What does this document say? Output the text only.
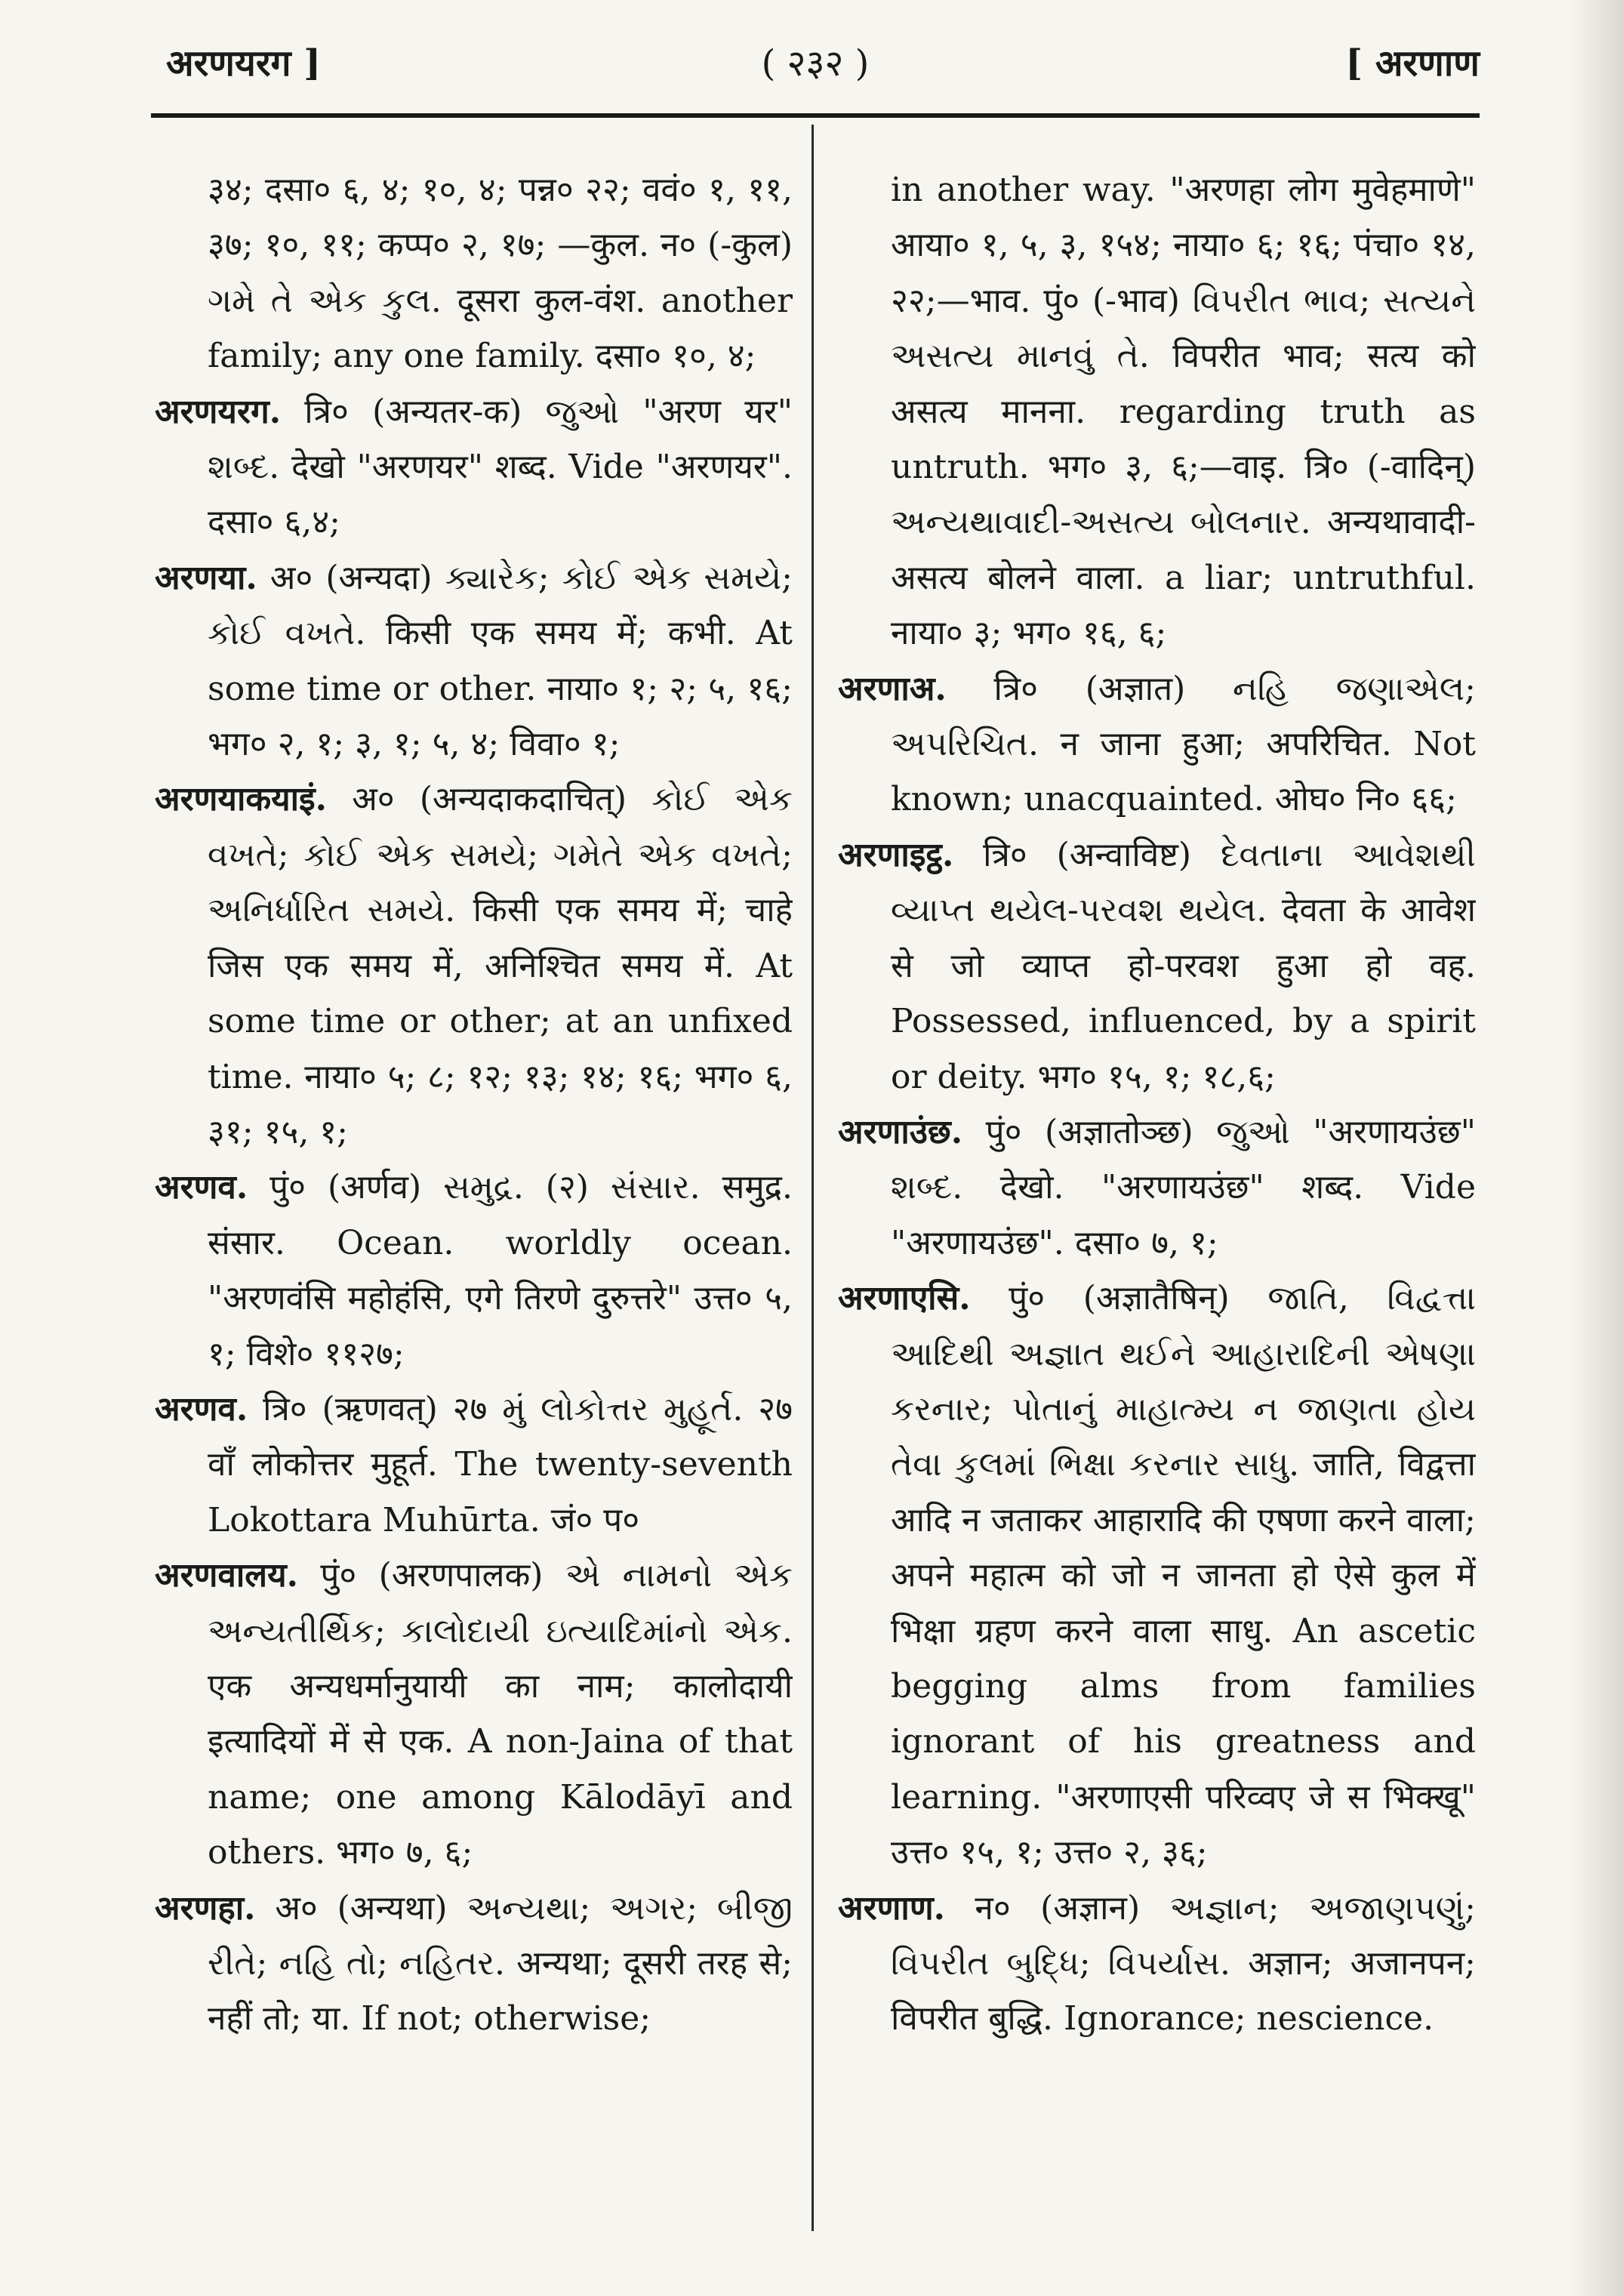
अरणयरग ]	( २३२ )	[ अरणाण

३४; दसा० ६, ४; १०, ४; पन्न० २२; ववं० १, ११, ३७; १०, ११; कप्प० २, १७; —कुल. न० (-कुल) ગમે તે એક કુલ. दूसरा कुल-वंश. another family; any one family. दसा० १०, ४;

अरणयरग. त्रि० (अन्यतर-क) જુઓ "अरण यर" શબ્દ. देखो "अरणयर" शब्द. Vide "अरणयर". दसा० ६,४;

अरणया. अ० (अन्यदा) ક્યારેક; કોઈ એક સમયે; કોઈ વખતે. किसी एक समय में; कभी. At some time or other. नाया० १; २; ५, १६; भग० २, १; ३, १; ५, ४; विवा० १;

अरणयाकयाइं. अ० (अन्यदाकदाचित्) કોઈ એક વખતે; કોઈ એક સમયે; ગમેતે એક વખતે; અનિર્ધારિત સમયે. किसी एक समय में; चाहे जिस एक समय में, अनिश्चित समय में. At some time or other; at an unfixed time. नाया० ५; ८; १२; १३; १४; १६; भग० ६, ३१; १५, १;

अरणव. पुं० (अर्णव) સમુદ્ર. (२) સંસાર. समुद्र. संसार. Ocean. worldly ocean. "अरणवंसि महोहंसि, एगे तिरणे दुरुत्तरे" उत्त० ५, १; विशे० ११२७;

अरणव. त्रि० (ऋणवत्) २७ મું લોકોત્તર મુહૂર્ત. २७ वाँ लोकोत्तर मुहूर्त. The twenty-seventh Lokottara Muhūrta. जं० प०

अरणवालय. पुं० (अरणपालक) એ નામનો એક અન્યતીર્થિક; કાલોદાયી ઇત્યાદિમાંનો એક. एक अन्यधर्मानुयायी का नाम; कालोदायी इत्यादियों में से एक. A non-Jaina of that name; one among Kālodāyī and others. भग० ७, ६;

अरणहा. अ० (अन्यथा) અન્યથા; અગર; બીજી રીતે; નહિ તો; નહિતર. अन्यथा; दूसरी तरह से; नहीं तो; या. If not; otherwise;

in another way. "अरणहा लोग मुवेहमाणे" आया० १, ५, ३, १५४; नाया० ६; १६; पंचा० १४, २२;—भाव. पुं० (-भाव) વિપરીત ભાવ; સત્યને અસત્ય માનવું તે. विपरीत भाव; सत्य को असत्य मानना. regarding truth as untruth. भग० ३, ६;—वाइ. त्रि० (-वादिन्) અન્યથાવાદી-અસત્ય બોલનાર. अन्यथावादी-असत्य बोलने वाला. a liar; untruthful. नाया० ३; भग० १६, ६;

अरणाअ. त्रि० (अज्ञात) નહિ જણાએલ; અપરિચિત. न जाना हुआ; अपरिचित. Not known; unacquainted. ओघ० नि० ६६;

अरणाइट्ठ. त्रि० (अन्वाविष्ट) દેવતાના આવેશથી વ્યાપ્ત થયેલ-પરવશ થયેલ. देवता के आवेश से जो व्याप्त हो-परवश हुआ हो वह. Possessed, influenced, by a spirit or deity. भग० १५, १; १८,६;

अरणाउंछ. पुं० (अज्ञातोञ्छ) જુઓ "अरणायउंछ" શબ્દ. देखो. "अरणायउंछ" शब्द. Vide "अरणायउंछ". दसा० ७, १;

अरणाएसि. पुं० (अज्ञातैषिन्) જાતિ, વિદ્વત્તા આદિથી અજ્ઞાત થઈને આહારાદિની એષણા કરનાર; પોતાનું માહાત્મ્ય ન જાણતા હોય તેવા કુલમાં ભિક્ષા કરનાર સાધુ. जाति, विद्वत्ता आदि न जताकर आहारादि की एषणा करने वाला; अपने महात्म को जो न जानता हो ऐसे कुल में भिक्षा ग्रहण करने वाला साधु. An ascetic begging alms from families ignorant of his greatness and learning. "अरणाएसी परिव्वए जे स भिक्खू" उत्त० १५, १; उत्त० २, ३६;

अरणाण. न० (अज्ञान) અજ્ઞાન; અજાણપણું; વિપરીત બુદ્ધિ; વિપર્યાસ. अज्ञान; अजानपन; विपरीत बुद्धि. Ignorance; nescience.
